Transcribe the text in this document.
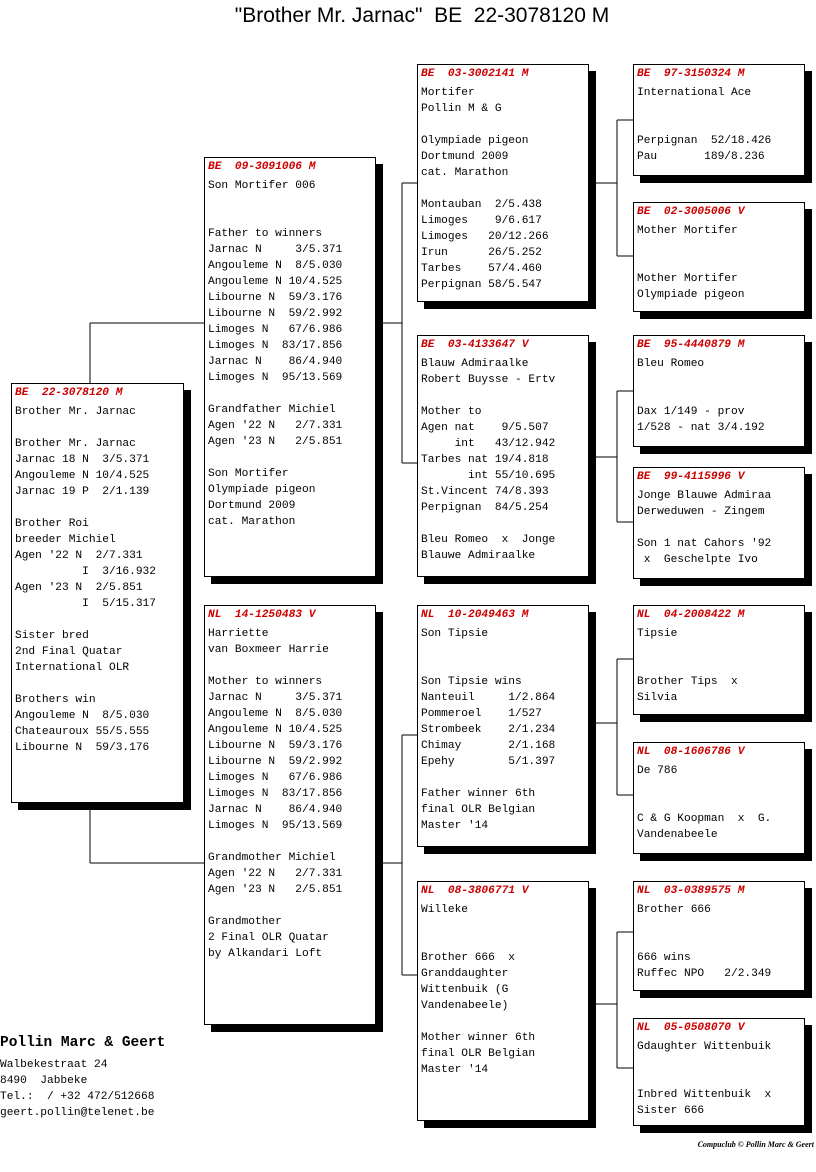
"Brother Mr. Jarnac"  BE  22-3078120 M
BE  22-3078120 M
Brother Mr. Jarnac
Brother Mr. Jarnac
Jarnac 18 N  3/5.371
Angouleme N 10/4.525
Jarnac 19 P  2/1.139
Brother Roi
breeder Michiel
Agen '22 N  2/7.331
I  3/16.932
Agen '23 N  2/5.851
I  5/15.317
Sister bred
2nd Final Quatar
International OLR
Brothers win
Angouleme N  8/5.030
Chateauroux 55/5.555
Libourne N  59/3.176
BE  09-3091006 M
Son Mortifer 006
Father to winners
Jarnac N     3/5.371
Angouleme N  8/5.030
Angouleme N 10/4.525
Libourne N  59/3.176
Libourne N  59/2.992
Limoges N   67/6.986
Limoges N  83/17.856
Jarnac N    86/4.940
Limoges N  95/13.569
Grandfather Michiel
Agen '22 N   2/7.331
Agen '23 N   2/5.851
Son Mortifer
Olympiade pigeon
Dortmund 2009
cat. Marathon
NL  14-1250483 V
Harriette
van Boxmeer Harrie
Mother to winners
Jarnac N     3/5.371
Angouleme N  8/5.030
Angouleme N 10/4.525
Libourne N  59/3.176
Libourne N  59/2.992
Limoges N   67/6.986
Limoges N  83/17.856
Jarnac N    86/4.940
Limoges N  95/13.569
Grandmother Michiel
Agen '22 N   2/7.331
Agen '23 N   2/5.851
Grandmother
2 Final OLR Quatar
by Alkandari Loft
BE  03-3002141 M
Mortifer
Pollin M & G
Olympiade pigeon
Dortmund 2009
cat. Marathon
Montauban  2/5.438
Limoges    9/6.617
Limoges   20/12.266
Irun      26/5.252
Tarbes    57/4.460
Perpignan 58/5.547
BE  03-4133647 V
Blauw Admiraalke
Robert Buysse - Ertv
Mother to
Agen nat    9/5.507
int   43/12.942
Tarbes nat 19/4.818
int 55/10.695
St.Vincent 74/8.393
Perpignan  84/5.254
Bleu Romeo  x  Jonge
Blauwe Admiraalke
NL  10-2049463 M
Son Tipsie
Son Tipsie wins
Nanteuil     1/2.864
Pommeroel    1/527
Strombeek    2/1.234
Chimay       2/1.168
Epehy        5/1.397
Father winner 6th
final OLR Belgian
Master '14
NL  08-3806771 V
Willeke
Brother 666  x
Granddaughter
Wittenbuik (G
Vandenabeele)
Mother winner 6th
final OLR Belgian
Master '14
BE  97-3150324 M
International Ace
Perpignan  52/18.426
Pau       189/8.236
BE  02-3005006 V
Mother Mortifer
Mother Mortifer
Olympiade pigeon
BE  95-4440879 M
Bleu Romeo
Dax 1/149 - prov
1/528 - nat 3/4.192
BE  99-4115996 V
Jonge Blauwe Admiraa
Derweduwen - Zingem
Son 1 nat Cahors '92
x  Geschelpte Ivo
NL  04-2008422 M
Tipsie
Brother Tips  x
Silvia
NL  08-1606786 V
De 786
C & G Koopman  x  G.
Vandenabeele
NL  03-0389575 M
Brother 666
666 wins
Ruffec NPO   2/2.349
NL  05-0508070 V
Gdaughter Wittenbuik
Inbred Wittenbuik  x
Sister 666
Pollin Marc & Geert
Walbekestraat 24
8490  Jabbeke
Tel.:  / +32 472/512668
geert.pollin@telenet.be
Compuclub © Pollin Marc & Geert
